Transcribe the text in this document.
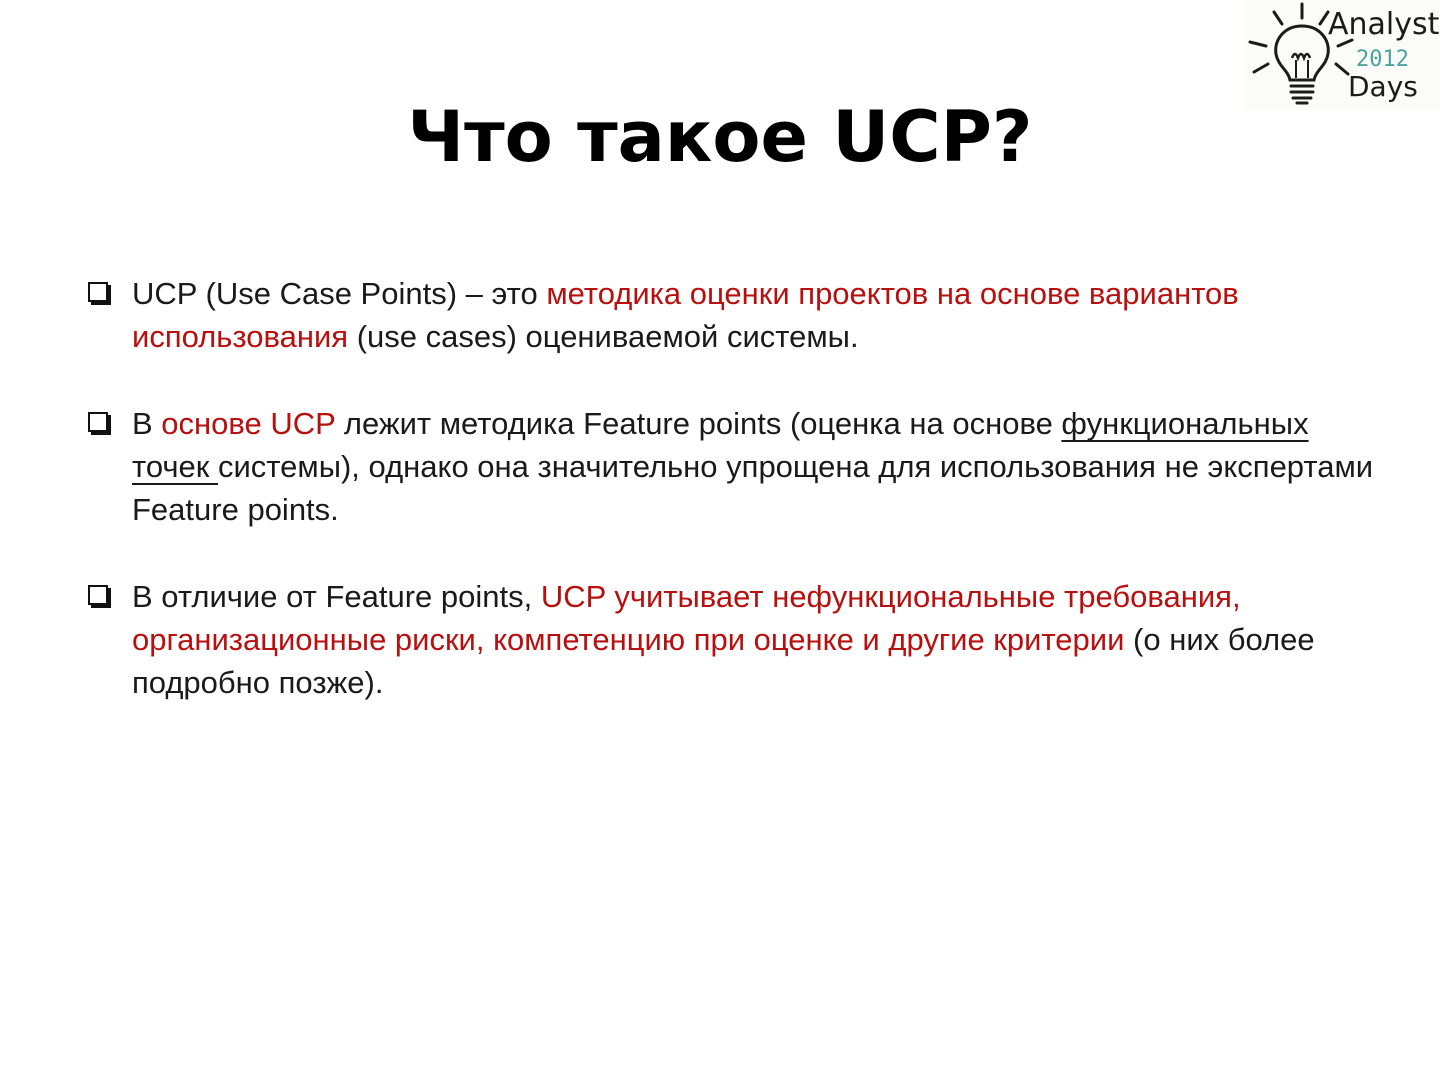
Analyst
2012
Days
Что такое UCP?
UCP (Use Case Points) – это методика оценки проектов на основе вариантов использования (use cases) оцениваемой системы.
В основе UCP лежит методика Feature points (оценка на основе функциональных точек системы), однако она значительно упрощена для использования не экспертами Feature points.
В отличие от Feature points, UCP учитывает нефункциональные требования, организационные риски, компетенцию при оценке и другие критерии (о них более подробно позже).
